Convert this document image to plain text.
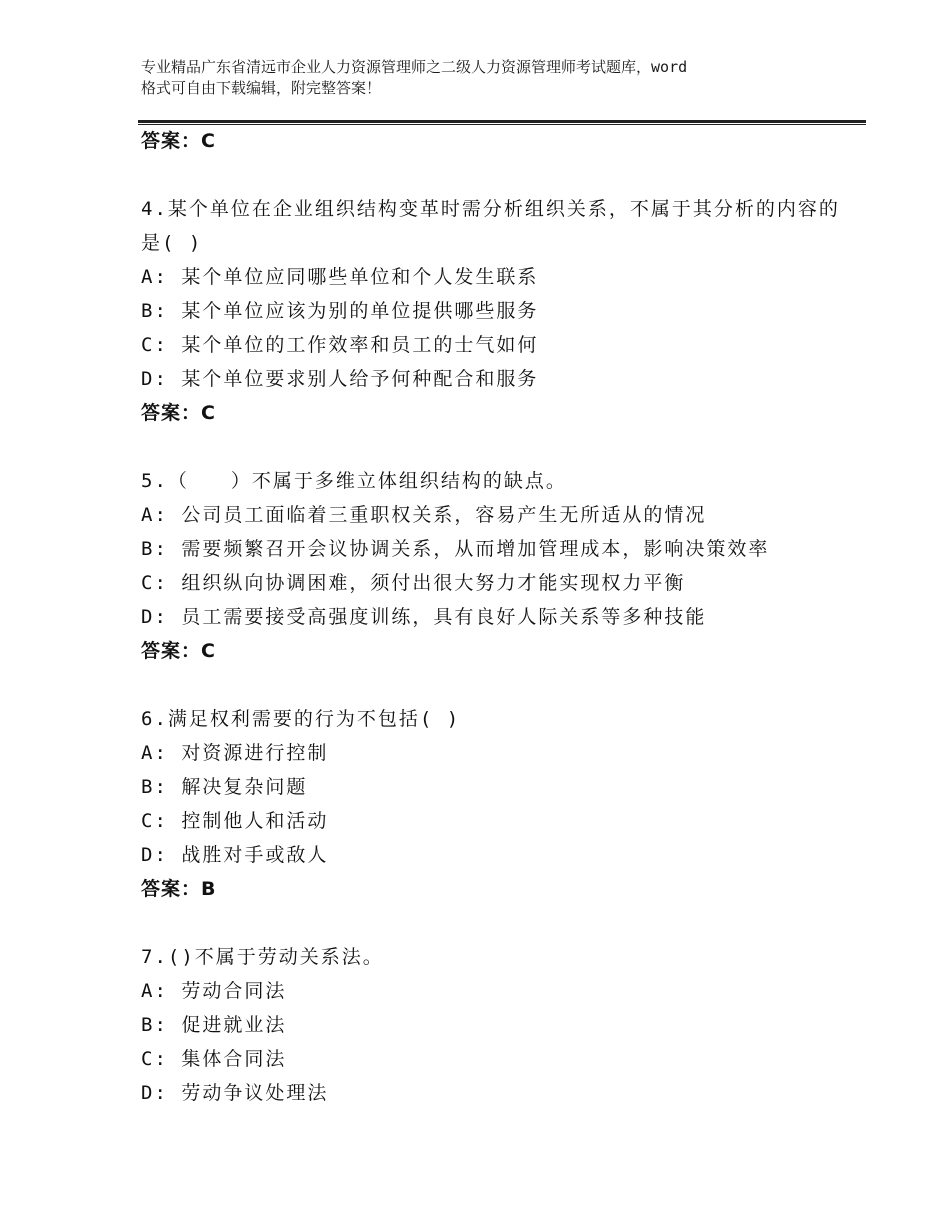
专业精品广东省清远市企业人力资源管理师之二级人力资源管理师考试题库，word
格式可自由下载编辑，附完整答案！
答案：C
4.某个单位在企业组织结构变革时需分析组织关系，不属于其分析的内容的是( )
A: 某个单位应同哪些单位和个人发生联系
B: 某个单位应该为别的单位提供哪些服务
C: 某个单位的工作效率和员工的士气如何
D: 某个单位要求别人给予何种配合和服务
答案：C
5.（　　）不属于多维立体组织结构的缺点。
A: 公司员工面临着三重职权关系，容易产生无所适从的情况
B: 需要频繁召开会议协调关系，从而增加管理成本，影响决策效率
C: 组织纵向协调困难，须付出很大努力才能实现权力平衡
D: 员工需要接受高强度训练，具有良好人际关系等多种技能
答案：C
6.满足权利需要的行为不包括( )
A: 对资源进行控制
B: 解决复杂问题
C: 控制他人和活动
D: 战胜对手或敌人
答案：B
7.()不属于劳动关系法。
A: 劳动合同法
B: 促进就业法
C: 集体合同法
D: 劳动争议处理法
